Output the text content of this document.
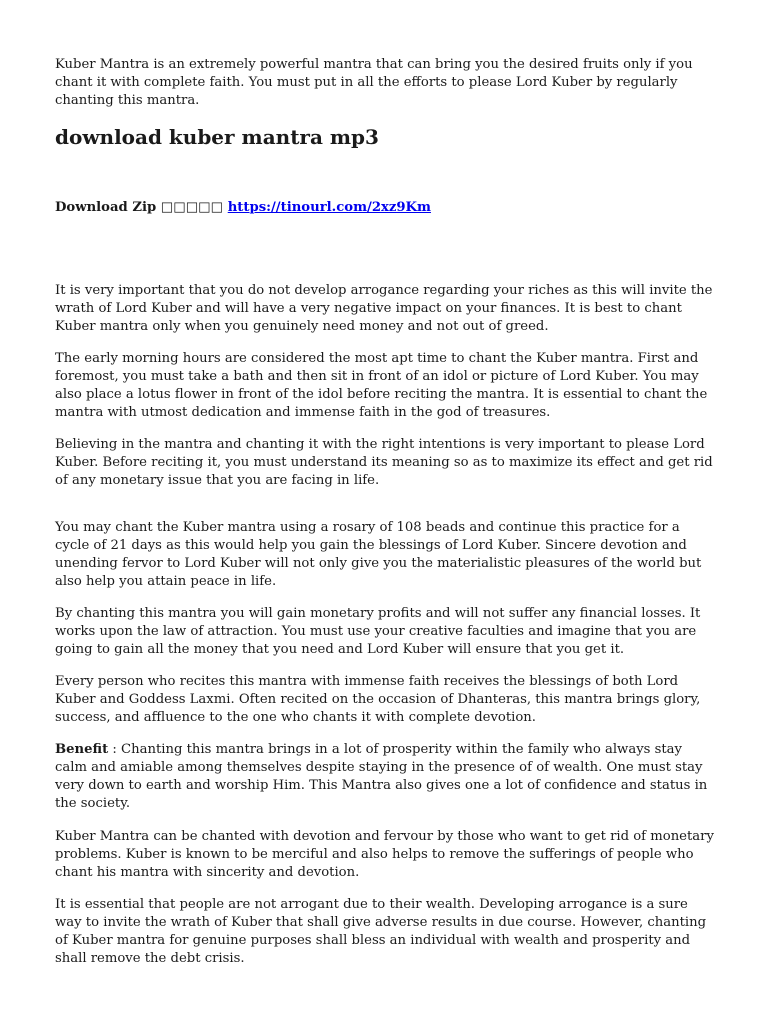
Kuber Mantra is an extremely powerful mantra that can bring you the desired fruits only if you chant it with complete faith. You must put in all the efforts to please Lord Kuber by regularly chanting this mantra.

download kuber mantra mp3
Download Zip □□□□□ https://tinourl.com/2xz9Km

It is very important that you do not develop arrogance regarding your riches as this will invite the wrath of Lord Kuber and will have a very negative impact on your finances. It is best to chant Kuber mantra only when you genuinely need money and not out of greed.

The early morning hours are considered the most apt time to chant the Kuber mantra. First and foremost, you must take a bath and then sit in front of an idol or picture of Lord Kuber. You may also place a lotus flower in front of the idol before reciting the mantra. It is essential to chant the mantra with utmost dedication and immense faith in the god of treasures.

Believing in the mantra and chanting it with the right intentions is very important to please Lord Kuber. Before reciting it, you must understand its meaning so as to maximize its effect and get rid of any monetary issue that you are facing in life.

You may chant the Kuber mantra using a rosary of 108 beads and continue this practice for a cycle of 21 days as this would help you gain the blessings of Lord Kuber. Sincere devotion and unending fervor to Lord Kuber will not only give you the materialistic pleasures of the world but also help you attain peace in life.

By chanting this mantra you will gain monetary profits and will not suffer any financial losses. It works upon the law of attraction. You must use your creative faculties and imagine that you are going to gain all the money that you need and Lord Kuber will ensure that you get it.

Every person who recites this mantra with immense faith receives the blessings of both Lord Kuber and Goddess Laxmi. Often recited on the occasion of Dhanteras, this mantra brings glory, success, and affluence to the one who chants it with complete devotion.

Benefit : Chanting this mantra brings in a lot of prosperity within the family who always stay calm and amiable among themselves despite staying in the presence of of wealth. One must stay very down to earth and worship Him. This Mantra also gives one a lot of confidence and status in the society.

Kuber Mantra can be chanted with devotion and fervour by those who want to get rid of monetary problems. Kuber is known to be merciful and also helps to remove the sufferings of people who chant his mantra with sincerity and devotion.

It is essential that people are not arrogant due to their wealth. Developing arrogance is a sure way to invite the wrath of Kuber that shall give adverse results in due course. However, chanting of Kuber mantra for genuine purposes shall bless an individual with wealth and prosperity and shall remove the debt crisis.
